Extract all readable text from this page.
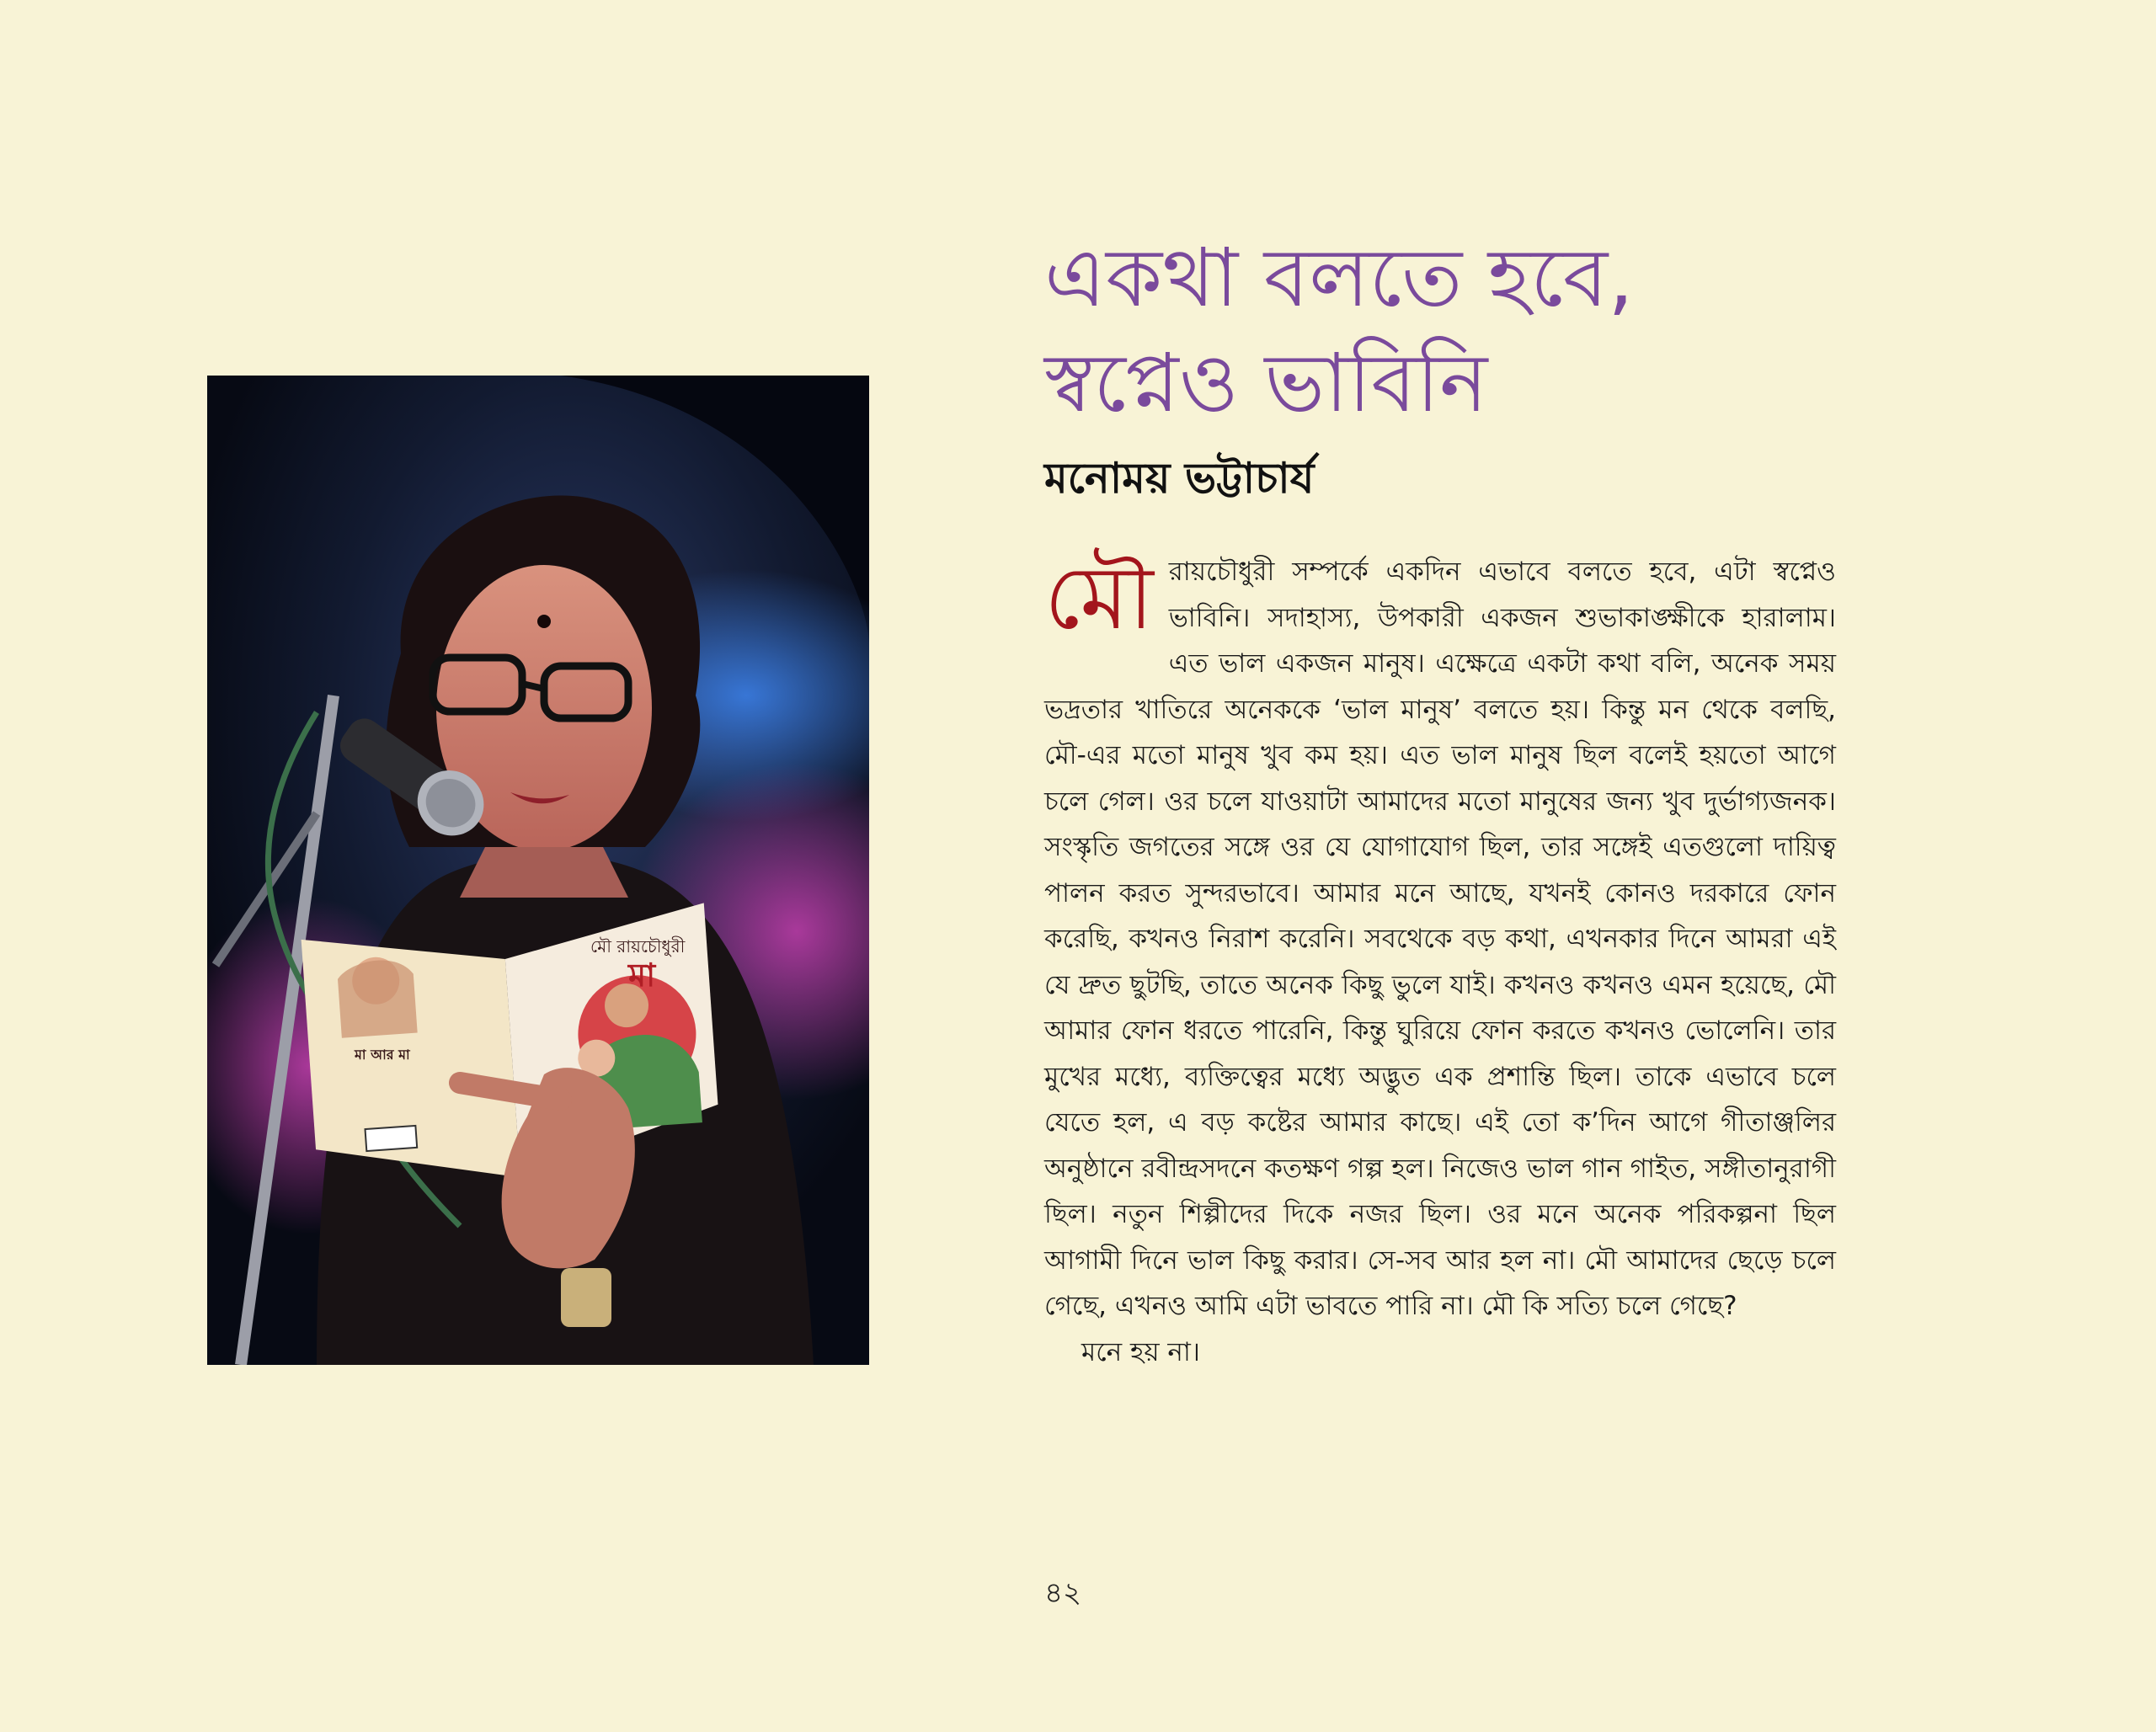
মৌ রায়চৌধুরী
মা
মা আর মা
একথা বলতে হবে,
স্বপ্নেও ভাবিনি
মনোময় ভট্টাচার্য

মৌ রায়চৌধুরী সম্পর্কে একদিন এভাবে বলতে হবে, এটা স্বপ্নেও ভাবিনি। সদাহাস্য, উপকারী একজন শুভাকাঙ্ক্ষীকে হারালাম। এত ভাল একজন মানুষ। এক্ষেত্রে একটা কথা বলি, অনেক সময় ভদ্রতার খাতিরে অনেককে ‘ভাল মানুষ’ বলতে হয়। কিন্তু মন থেকে বলছি, মৌ-এর মতো মানুষ খুব কম হয়। এত ভাল মানুষ ছিল বলেই হয়তো আগে চলে গেল। ওর চলে যাওয়াটা আমাদের মতো মানুষের জন্য খুব দুর্ভাগ্যজনক। সংস্কৃতি জগতের সঙ্গে ওর যে যোগাযোগ ছিল, তার সঙ্গেই এতগুলো দায়িত্ব পালন করত সুন্দরভাবে। আমার মনে আছে, যখনই কোনও দরকারে ফোন করেছি, কখনও নিরাশ করেনি। সবথেকে বড় কথা, এখনকার দিনে আমরা এই যে দ্রুত ছুটছি, তাতে অনেক কিছু ভুলে যাই। কখনও কখনও এমন হয়েছে, মৌ আমার ফোন ধরতে পারেনি, কিন্তু ঘুরিয়ে ফোন করতে কখনও ভোলেনি। তার মুখের মধ্যে, ব্যক্তিত্বের মধ্যে অদ্ভুত এক প্রশান্তি ছিল। তাকে এভাবে চলে যেতে হল, এ বড় কষ্টের আমার কাছে। এই তো ক’দিন আগে গীতাঞ্জলির অনুষ্ঠানে রবীন্দ্রসদনে কতক্ষণ গল্প হল। নিজেও ভাল গান গাইত, সঙ্গীতানুরাগী ছিল। নতুন শিল্পীদের দিকে নজর ছিল। ওর মনে অনেক পরিকল্পনা ছিল আগামী দিনে ভাল কিছু করার। সে-সব আর হল না। মৌ আমাদের ছেড়ে চলে গেছে, এখনও আমি এটা ভাবতে পারি না। মৌ কি সত্যি চলে গেছে?

মনে হয় না।

৪২
